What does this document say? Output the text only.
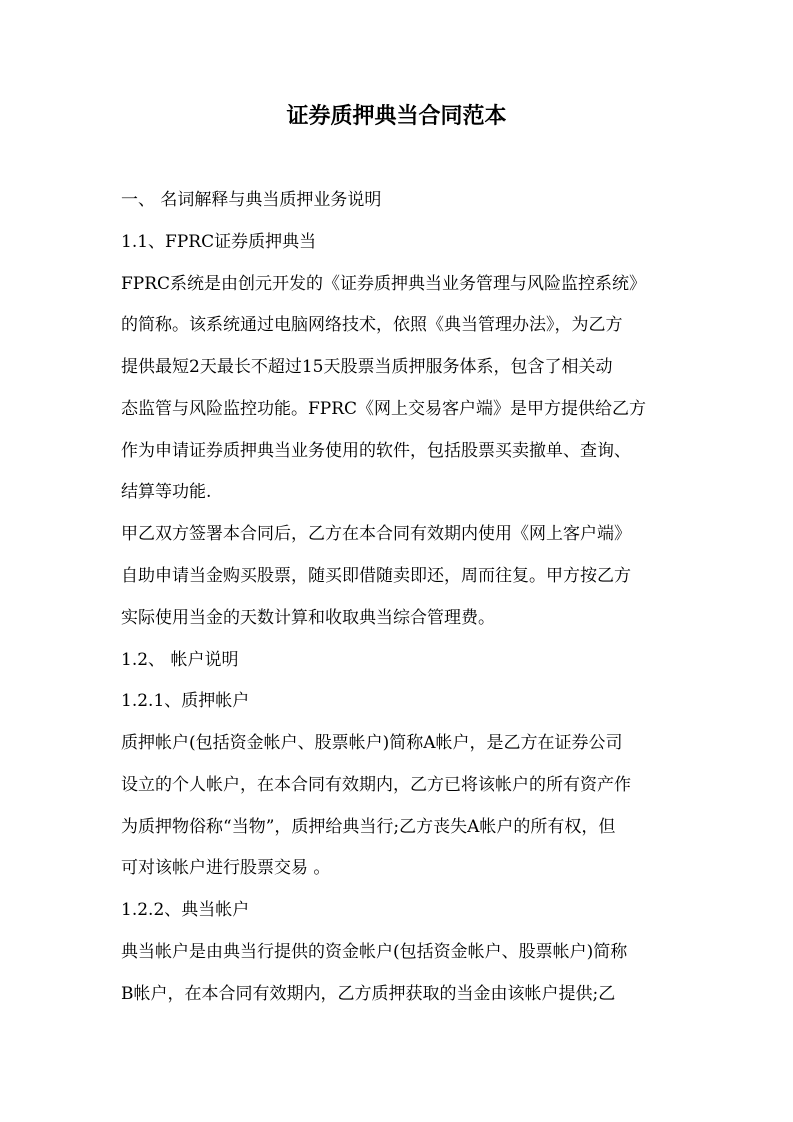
证券质押典当合同范本

一、 名词解释与典当质押业务说明

1.1、FPRC证券质押典当

FPRC系统是由创元开发的《证券质押典当业务管理与风险监控系统》

的简称。该系统通过电脑网络技术，依照《典当管理办法》，为乙方

提供最短2天最长不超过15天股票当质押服务体系，包含了相关动

态监管与风险监控功能。FPRC《网上交易客户端》是甲方提供给乙方

作为申请证券质押典当业务使用的软件，包括股票买卖撤单、查询、

结算等功能.

甲乙双方签署本合同后，乙方在本合同有效期内使用《网上客户端》

自助申请当金购买股票，随买即借随卖即还，周而往复。甲方按乙方

实际使用当金的天数计算和收取典当综合管理费。

1.2、 帐户说明

1.2.1、质押帐户

质押帐户(包括资金帐户、股票帐户)简称A帐户，是乙方在证券公司

设立的个人帐户，在本合同有效期内，乙方已将该帐户的所有资产作

为质押物俗称“当物”，质押给典当行;乙方丧失A帐户的所有权，但

可对该帐户进行股票交易 。

1.2.2、典当帐户

典当帐户是由典当行提供的资金帐户(包括资金帐户、股票帐户)简称

B帐户，在本合同有效期内，乙方质押获取的当金由该帐户提供;乙
